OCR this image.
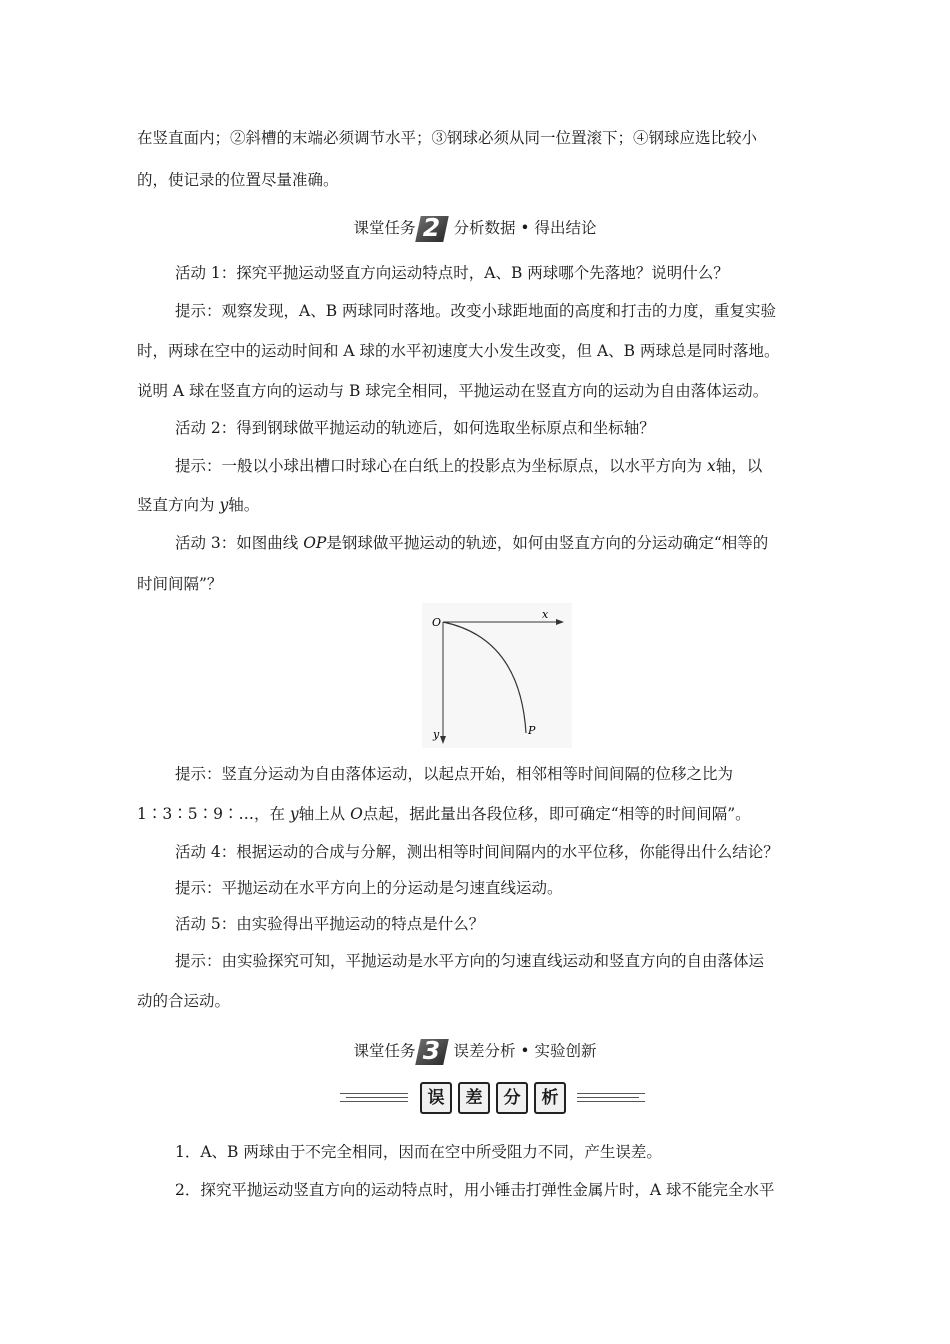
在竖直面内；②斜槽的末端必须调节水平；③钢球必须从同一位置滚下；④钢球应选比较小
的，使记录的位置尽量准确。
课堂任务 2 分析数据 • 得出结论
活动 1：探究平抛运动竖直方向运动特点时，A、B 两球哪个先落地？说明什么？
提示：观察发现，A、B 两球同时落地。改变小球距地面的高度和打击的力度，重复实验
时，两球在空中的运动时间和 A 球的水平初速度大小发生改变，但 A、B 两球总是同时落地。
说明 A 球在竖直方向的运动与 B 球完全相同，平抛运动在竖直方向的运动为自由落体运动。
活动 2：得到钢球做平抛运动的轨迹后，如何选取坐标原点和坐标轴？
提示：一般以小球出槽口时球心在白纸上的投影点为坐标原点，以水平方向为 x轴，以
竖直方向为 y轴。
活动 3：如图曲线 OP是钢球做平抛运动的轨迹，如何由竖直方向的分运动确定“相等的
时间间隔”？
O
x
y	P
提示：竖直分运动为自由落体运动，以起点开始，相邻相等时间间隔的位移之比为
1∶3∶5∶9∶…，在 y轴上从 O点起，据此量出各段位移，即可确定“相等的时间间隔”。
活动 4：根据运动的合成与分解，测出相等时间间隔内的水平位移，你能得出什么结论？
提示：平抛运动在水平方向上的分运动是匀速直线运动。
活动 5：由实验得出平抛运动的特点是什么？
提示：由实验探究可知，平抛运动是水平方向的匀速直线运动和竖直方向的自由落体运
动的合运动。
课堂任务 3 误差分析 • 实验创新
误	差	分	析
1．A、B 两球由于不完全相同，因而在空中所受阻力不同，产生误差。
2．探究平抛运动竖直方向的运动特点时，用小锤击打弹性金属片时，A 球不能完全水平
